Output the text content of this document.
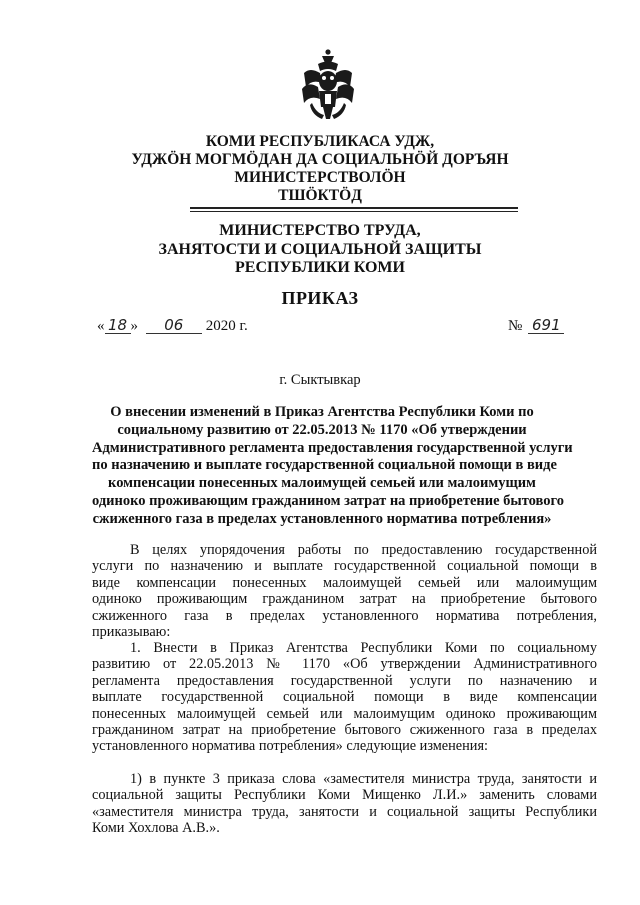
КОМИ РЕСПУБЛИКАСА УДЖ,
УДЖӦН МОГМӦДАН ДА СОЦИАЛЬНӦЙ ДОРЪЯН
МИНИСТЕРСТВОЛӦН
ТШӦКТӦД
МИНИСТЕРСТВО ТРУДА,
ЗАНЯТОСТИ И СОЦИАЛЬНОЙ ЗАЩИТЫ
РЕСПУБЛИКИ КОМИ
ПРИКАЗ
« 18 » 06 2020 г.	№ 691
г. Сыктывкар
О внесении изменений в Приказ Агентства Республики Коми по
социальному развитию от 22.05.2013 № 1170 «Об утверждении
Административного регламента предоставления государственной услуги
по назначению и выплате государственной социальной помощи в виде
компенсации понесенных малоимущей семьей или малоимущим
одиноко проживающим гражданином затрат на приобретение бытового
сжиженного газа в пределах установленного норматива потребления»
В целях упорядочения работы по предоставлению государственной
услуги по назначению и выплате государственной социальной помощи в
виде компенсации понесенных малоимущей семьей или малоимущим
одиноко проживающим гражданином затрат на приобретение бытового
сжиженного газа в пределах установленного норматива потребления,
приказываю:
1. Внести в Приказ Агентства Республики Коми по социальному
развитию от 22.05.2013 № 1170 «Об утверждении Административного
регламента предоставления государственной услуги по назначению и
выплате государственной социальной помощи в виде компенсации
понесенных малоимущей семьей или малоимущим одиноко проживающим
гражданином затрат на приобретение бытового сжиженного газа в пределах
установленного норматива потребления» следующие изменения:
1) в пункте 3 приказа слова «заместителя министра труда, занятости и
социальной защиты Республики Коми Мищенко Л.И.» заменить словами
«заместителя министра труда, занятости и социальной защиты Республики
Коми Хохлова А.В.».
